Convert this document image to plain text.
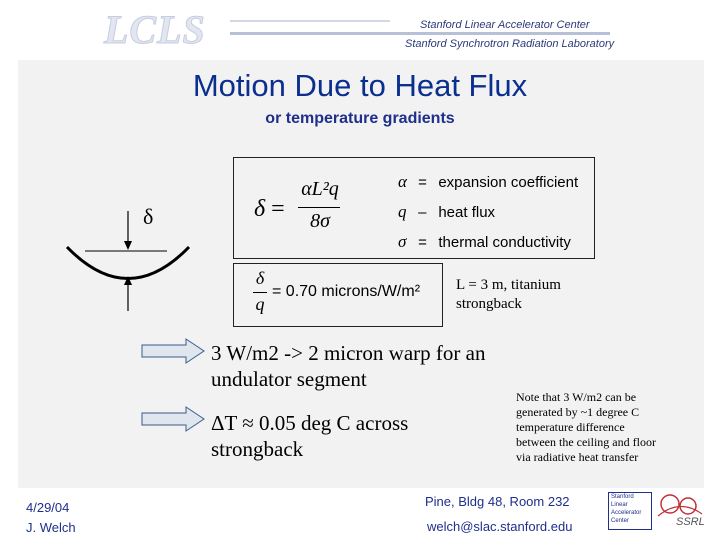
LCLS	Stanford Linear Accelerator Center
Stanford Synchrotron Radiation Laboratory
Motion Due to Heat Flux
or temperature gradients
δ	δ =
αL²q
8σ
α = expansion coefficient
q – heat flux
σ = thermal conductivity
δ
q
= 0.70 microns/W/m² L = 3 m, titanium
strongback
3 W/m2 -> 2 micron warp for an
undulator segment
ΔT ≈ 0.05 deg C across
strongback
Note that 3 W/m2 can be
generated by ~1 degree C
temperature difference
between the ceiling and floor
via radiative heat transfer
4/29/04
J. Welch
Pine, Bldg 48, Room 232
welch@slac.stanford.edu
Stanford
Linear
Accelerator
Center	SSRL
